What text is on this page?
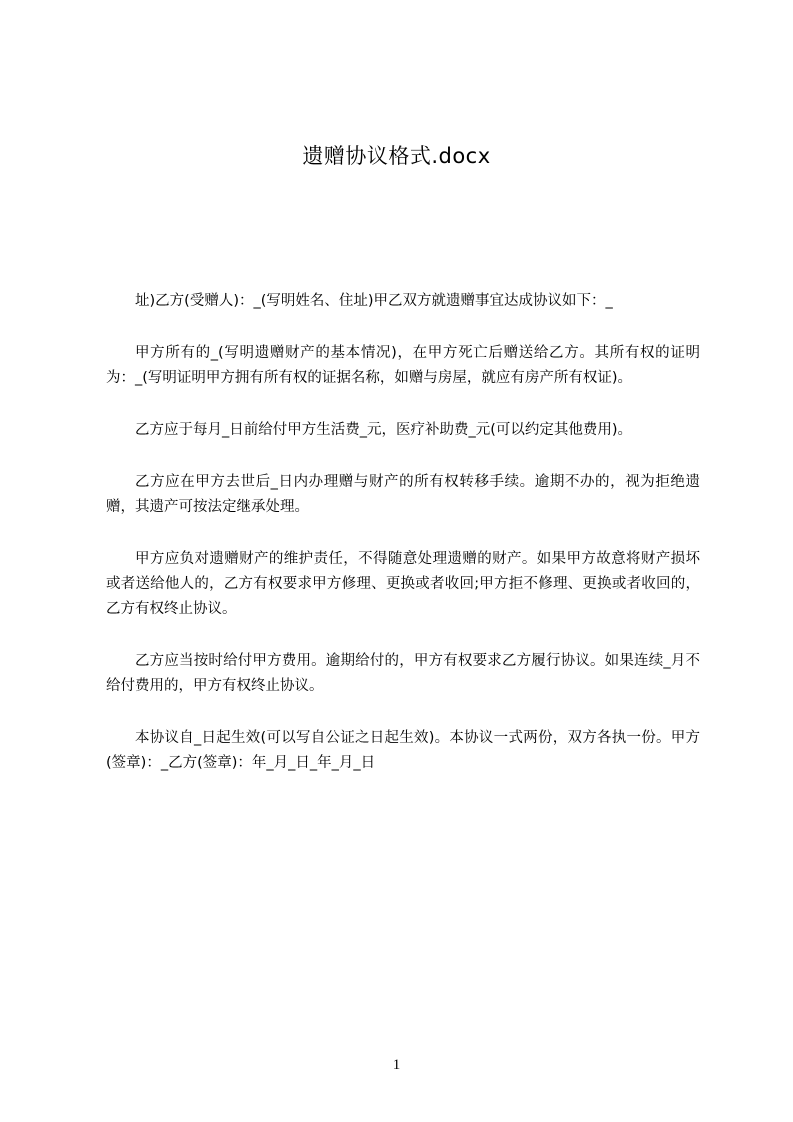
遗赠协议格式.docx

址)乙方(受赠人)：_(写明姓名、住址)甲乙双方就遗赠事宜达成协议如下：_

甲方所有的_(写明遗赠财产的基本情况)，在甲方死亡后赠送给乙方。其所有权的证明为：_(写明证明甲方拥有所有权的证据名称，如赠与房屋，就应有房产所有权证)。

乙方应于每月_日前给付甲方生活费_元，医疗补助费_元(可以约定其他费用)。

乙方应在甲方去世后_日内办理赠与财产的所有权转移手续。逾期不办的，视为拒绝遗赠，其遗产可按法定继承处理。

甲方应负对遗赠财产的维护责任，不得随意处理遗赠的财产。如果甲方故意将财产损坏或者送给他人的，乙方有权要求甲方修理、更换或者收回;甲方拒不修理、更换或者收回的，乙方有权终止协议。

乙方应当按时给付甲方费用。逾期给付的，甲方有权要求乙方履行协议。如果连续_月不给付费用的，甲方有权终止协议。

本协议自_日起生效(可以写自公证之日起生效)。本协议一式两份，双方各执一份。甲方(签章)：_乙方(签章)：年_月_日_年_月_日

1
